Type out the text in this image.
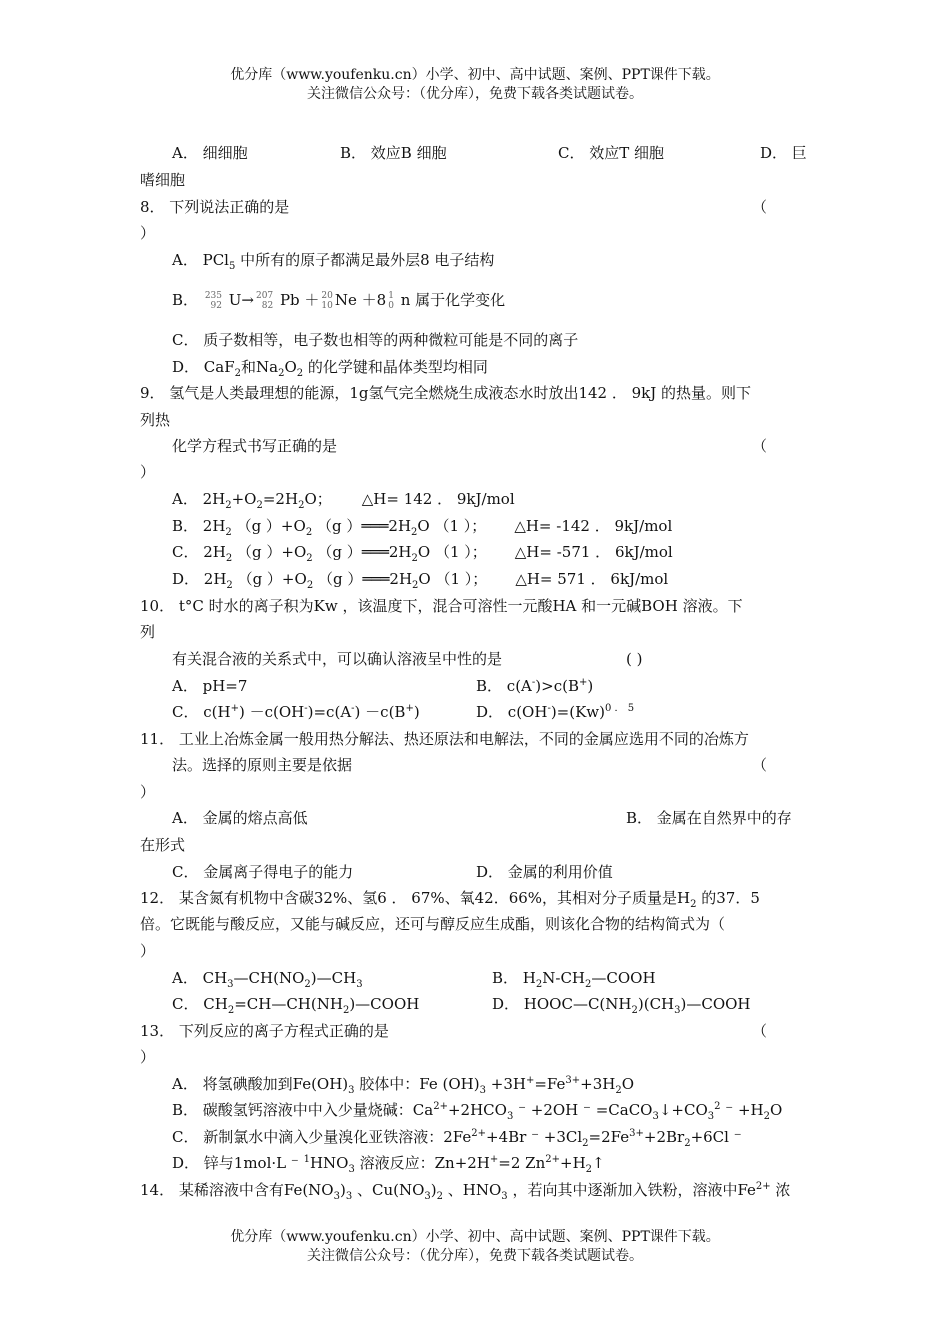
优分库（www.youfenku.cn）小学、初中、高中试题、案例、PPT课件下载。
关注微信公众号：（优分库），免费下载各类试题试卷。
A． 细细胞	B． 效应B 细胞	C． 效应T 细胞	D． 巨
嗜细胞
8． 下列说法正确的是	（
）
A． PCl$_5$ 中所有的原子都满足最外层8 电子结构
B． 235
92 U→ 207
82 Pb ＋ 20
10 Ne ＋8 1
0 n 属于化学变化
C． 质子数相等，电子数也相等的两种微粒可能是不同的离子
D． CaF$_2$和$Na_2O_2$ 的化学键和晶体类型均相同
9． 氢气是人类最理想的能源，1g氢气完全燃烧生成液态水时放出142 ． 9kJ 的热量。则下
列热
化学方程式书写正确的是	（
）
A． $2H_2+O_2=2H_2O$； △H= 142 ． 9kJ/mol
B． $2H_2$ （g ）$+O_2$ （g ）$═══2H_2O$ （1 ）； △H= -142 ． 9kJ/mol
C． $2H_2$ （g ）$+O_2$ （g ）$═══2H_2O$ （1 ）； △H= -571 ． 6kJ/mol
D． $2H_2$ （g ）$+O_2$ （g ）$═══2H_2O$ （1 ）； △H= 571 ． 6kJ/mol
10． t°C 时水的离子积为Kw ，该温度下，混合可溶性一元酸HA 和一元碱BOH 溶液。下
列
有关混合液的关系式中，可以确认溶液呈中性的是	( )
A． pH=7	B． c(A-)>c(B+)
C． c(H+) －c(OH-)=c(A-) －c(B+)	D． $c(OH^-)=(Kw)^{0 . 5}$
11． 工业上冶炼金属一般用热分解法、热还原法和电解法，不同的金属应选用不同的冶炼方
法。选择的原则主要是依据	（
）
A． 金属的熔点高低	B． 金属在自然界中的存
在形式
C． 金属离子得电子的能力	D． 金属的利用价值
12． 某含氮有机物中含碳32%、氢6 ． 67%、氧42．66%，其相对分子质量是$H_2$ 的37．5
倍。它既能与酸反应，又能与碱反应，还可与醇反应生成酯，则该化合物的结构简式为（
）
A． $CH_3—CH(NO_2)—CH_3$	B． $H_2N-CH_2—COOH$
C． $CH_2=CH—CH(NH_2)—COOH$	D． $HOOC—C(NH_2)(CH_3)—COOH$
13． 下列反应的离子方程式正确的是	（
）
A． 将氢碘酸加到$Fe(OH)_3$ 胶体中：Fe $(OH)_3 +3H^+=Fe^{3+}+3H_2O$
B． 碳酸氢钙溶液中中入少量烧碱：$Ca^{2+}+2HCO_3$ ⁻ +2OH ⁻ $=CaCO_3↓+CO_3^2$ ⁻ $+H_2O$
C． 新制氯水中滴入少量溴化亚铁溶液：$2Fe^{2+}+4Br$ ⁻ $+3Cl_2=2Fe^{3+}+2Br_2+6Cl$ ⁻
D． 锌与1mol·L ⁻ $^1HNO_3$ 溶液反应：Zn+2H+=2 $Zn^{2+}+H_2↑$
14． 某稀溶液中含有$Fe(NO_3)_3$ 、$Cu(NO_3)_2$ 、$HNO_3$ ，若向其中逐渐加入铁粉，溶液中$Fe^{2+}$ 浓
优分库（www.youfenku.cn）小学、初中、高中试题、案例、PPT课件下载。
关注微信公众号：（优分库），免费下载各类试题试卷。
